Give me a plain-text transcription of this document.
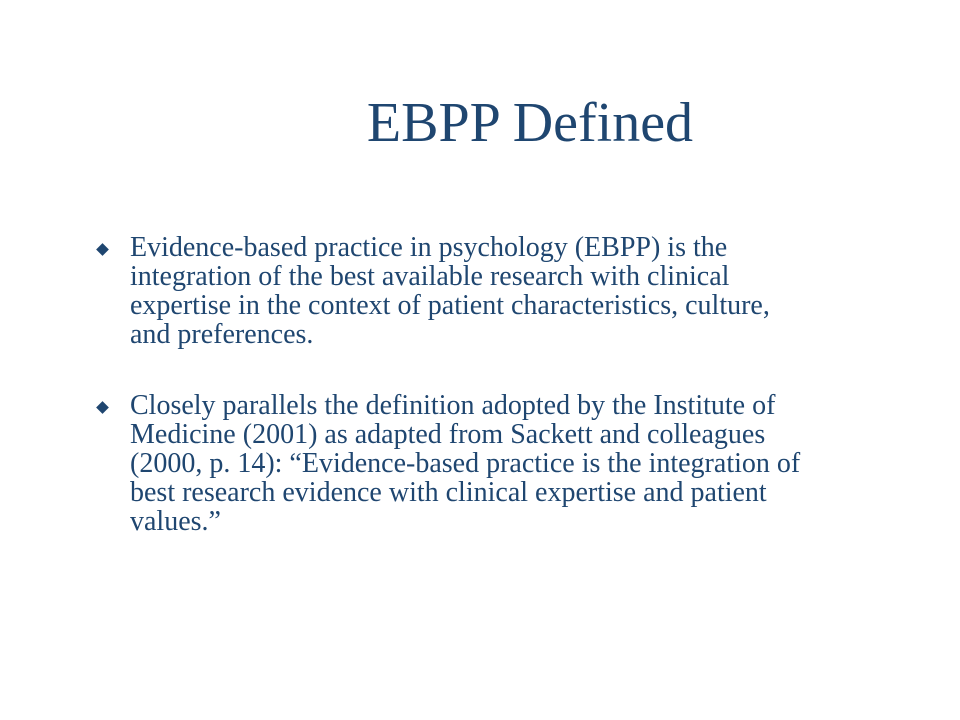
EBPP Defined
Evidence-based practice in psychology (EBPP) is the
integration of the best available research with clinical
expertise in the context of patient characteristics, culture,
and preferences.
Closely parallels the definition adopted by the Institute of
Medicine (2001) as adapted from Sackett and colleagues
(2000, p. 14): “Evidence-based practice is the integration of
best research evidence with clinical expertise and patient
values.”
